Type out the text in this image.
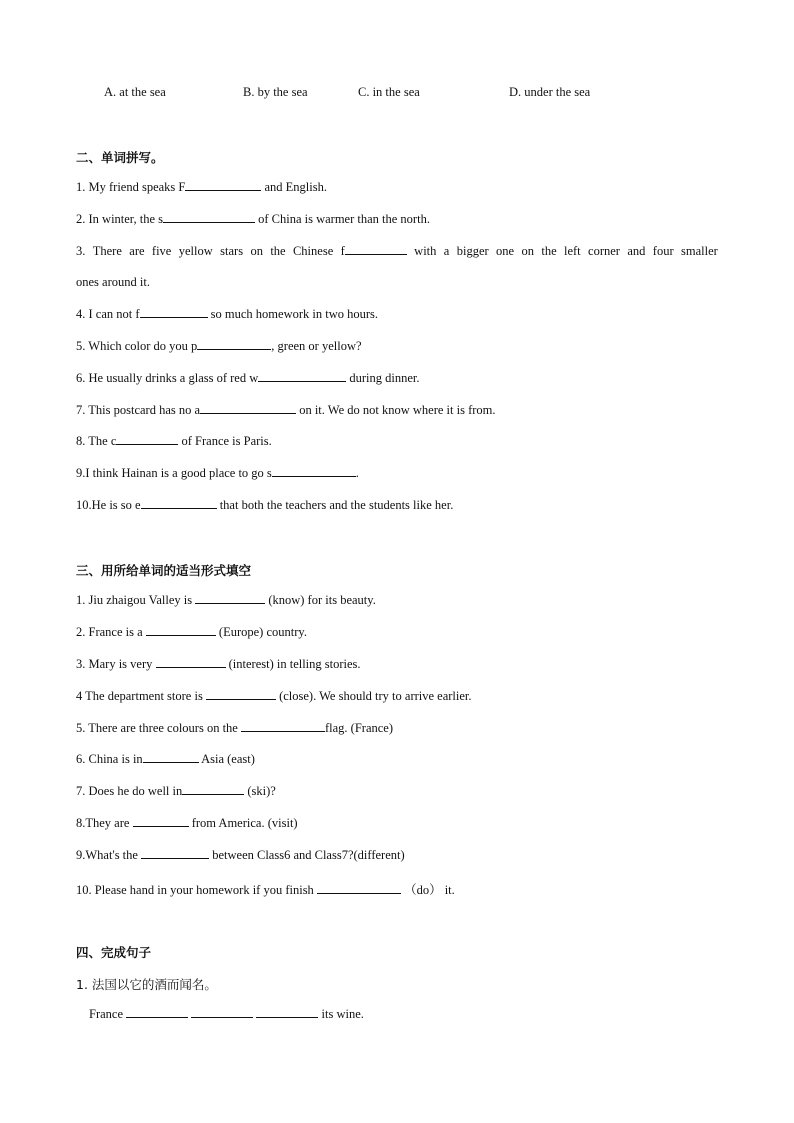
A. at the sea	B. by the sea	C. in the sea	D. under the sea
二、单词拼写。
1. My friend speaks F	and English.
2. In winter, the s	of China is warmer than the north.
3. There are five yellow stars on the Chinese f	with a bigger one on the left corner and four smaller
ones around it.
4. I can not f	so much homework in two hours.
5. Which color do you p	, green or yellow?
6. He usually drinks a glass of red w	during dinner.
7. This postcard has no a	on it. We do not know where it is from.
8. The c	of France is Paris.
9.I think Hainan is a good place to go s	.
10.He is so e	that both the teachers and the students like her.
三、用所给单词的适当形式填空
1. Jiu zhaigou Valley is	(know) for its beauty.
2. France is a	(Europe) country.
3. Mary is very	(interest) in telling stories.
4 The department store is	(close). We should try to arrive earlier.
5. There are three colours on the	flag. (France)
6. China is in	Asia (east)
7. Does he do well in	(ski)?
8.They are	from America. (visit)
9.What's the	between Class6 and Class7?(different)
10. Please hand in your homework if you finish	（do） it.
四、完成句子
1. 法国以它的酒而闻名。
France	its wine.
